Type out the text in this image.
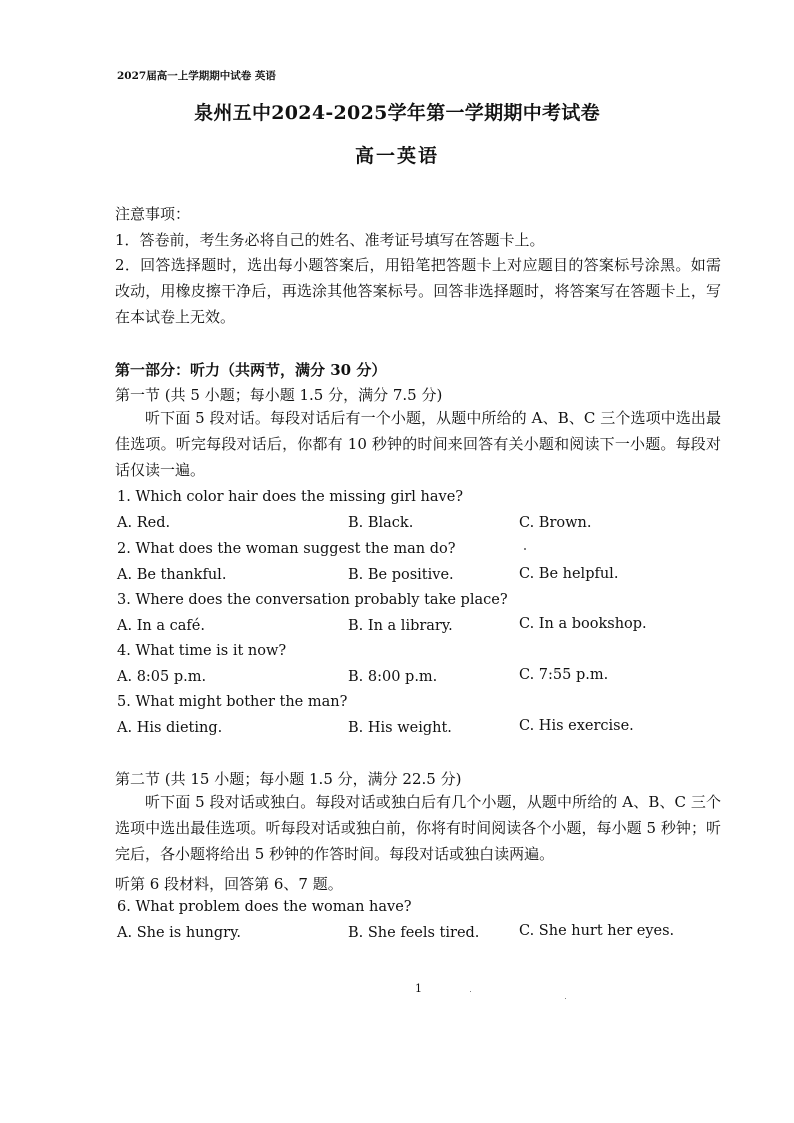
2027届高一上学期期中试卷 英语
泉州五中2024-2025学年第一学期期中考试卷
高一英语
注意事项：
1．答卷前，考生务必将自己的姓名、准考证号填写在答题卡上。
2．回答选择题时，选出每小题答案后，用铅笔把答题卡上对应题目的答案标号涂黑。如需改动，用橡皮擦干净后，再选涂其他答案标号。回答非选择题时，将答案写在答题卡上，写在本试卷上无效。
第一部分：听力（共两节，满分 30 分）
第一节 (共 5 小题；每小题 1.5 分，满分 7.5 分)
听下面 5 段对话。每段对话后有一个小题，从题中所给的 A、B、C 三个选项中选出最佳选项。听完每段对话后，你都有 10 秒钟的时间来回答有关小题和阅读下一小题。每段对话仅读一遍。
1. Which color hair does the missing girl have?
A. Red.	B. Black.	C. Brown.
2. What does the woman suggest the man do?
A. Be thankful.	B. Be positive.	C. Be helpful.
3. Where does the conversation probably take place?
A. In a café.	B. In a library.	C. In a bookshop.
4. What time is it now?
A. 8:05 p.m.	B. 8:00 p.m.	C. 7:55 p.m.
5. What might bother the man?
A. His dieting.	B. His weight.	C. His exercise.
第二节 (共 15 小题；每小题 1.5 分，满分 22.5 分)
听下面 5 段对话或独白。每段对话或独白后有几个小题，从题中所给的 A、B、C 三个选项中选出最佳选项。听每段对话或独白前，你将有时间阅读各个小题，每小题 5 秒钟；听完后，各小题将给出 5 秒钟的作答时间。每段对话或独白读两遍。
听第 6 段材料，回答第 6、7 题。
6. What problem does the woman have?
A. She is hungry.	B. She feels tired.	C. She hurt her eyes.
1
